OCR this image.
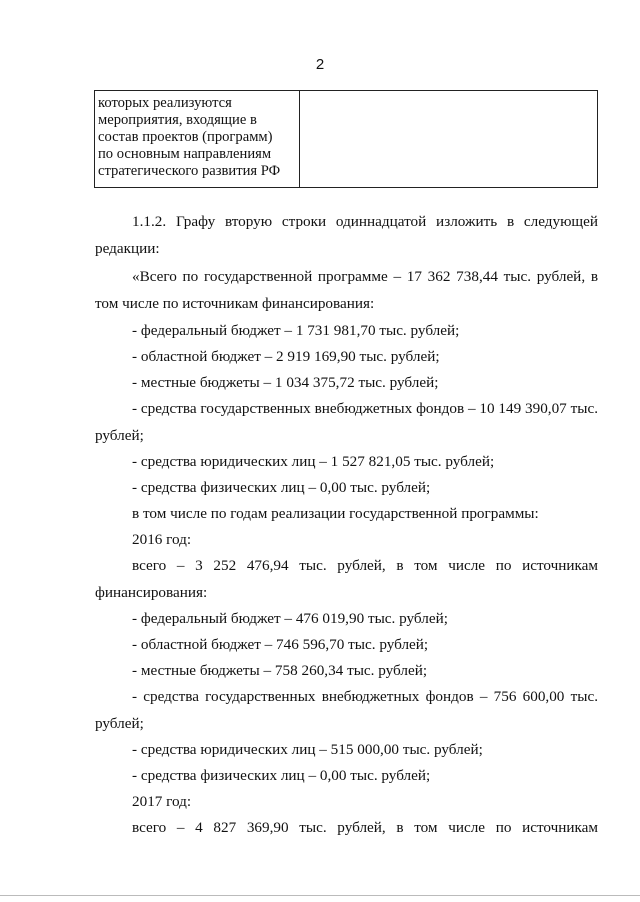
2
которых реализуются
мероприятия, входящие в
состав проектов (программ)
по основным направлениям
стратегического развития РФ
1.1.2. Графу вторую строки одиннадцатой изложить в следующей
редакции:
«Всего по государственной программе – 17 362 738,44 тыс. рублей, в
том числе по источникам финансирования:
- федеральный бюджет – 1 731 981,70 тыс. рублей;
- областной бюджет – 2 919 169,90 тыс. рублей;
- местные бюджеты – 1 034 375,72 тыс. рублей;
- средства государственных внебюджетных фондов – 10 149 390,07 тыс.
рублей;
- средства юридических лиц – 1 527 821,05 тыс. рублей;
- средства физических лиц – 0,00 тыс. рублей;
в том числе по годам реализации государственной программы:
2016 год:
всего – 3 252 476,94 тыс. рублей, в том числе по источникам
финансирования:
- федеральный бюджет – 476 019,90 тыс. рублей;
- областной бюджет – 746 596,70 тыс. рублей;
- местные бюджеты – 758 260,34 тыс. рублей;
- средства государственных внебюджетных фондов – 756 600,00 тыс.
рублей;
- средства юридических лиц – 515 000,00 тыс. рублей;
- средства физических лиц – 0,00 тыс. рублей;
2017 год:
всего – 4 827 369,90 тыс. рублей, в том числе по источникам
